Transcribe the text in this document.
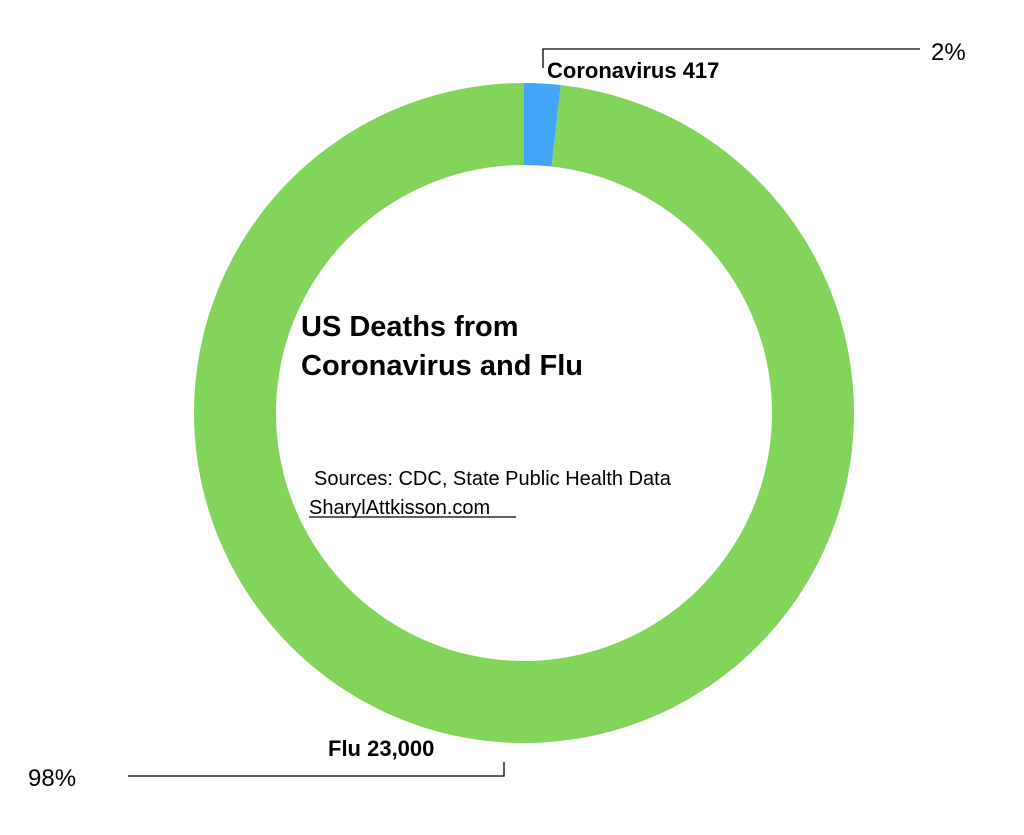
US Deaths from
Coronavirus and Flu
Sources: CDC, State Public Health Data
SharylAttkisson.com
Coronavirus 417
2%
Flu 23,000
98%
